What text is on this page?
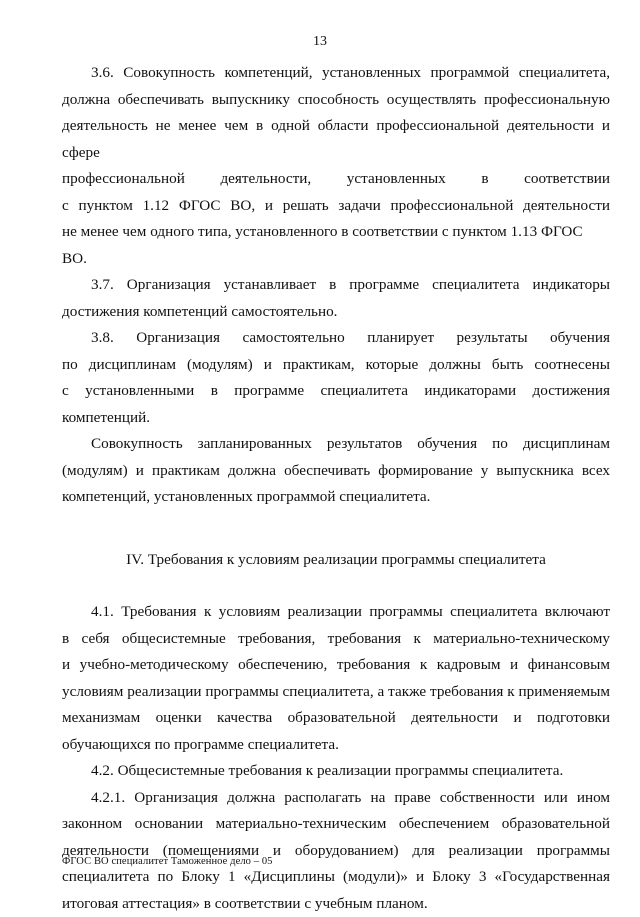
13
3.6. Совокупность компетенций, установленных программой специалитета,
должна обеспечивать выпускнику способность осуществлять профессиональную
деятельность не менее чем в одной области профессиональной деятельности и сфере
профессиональной деятельности, установленных в соответствии
с пунктом 1.12 ФГОС ВО, и решать задачи профессиональной деятельности
не менее чем одного типа, установленного в соответствии с пунктом 1.13 ФГОС ВО.
3.7. Организация устанавливает в программе специалитета индикаторы
достижения компетенций самостоятельно.
3.8. Организация самостоятельно планирует результаты обучения
по дисциплинам (модулям) и практикам, которые должны быть соотнесены
с установленными в программе специалитета индикаторами достижения
компетенций.
Совокупность запланированных результатов обучения по дисциплинам
(модулям) и практикам должна обеспечивать формирование у выпускника всех
компетенций, установленных программой специалитета.
IV. Требования к условиям реализации программы специалитета
4.1. Требования к условиям реализации программы специалитета включают
в себя общесистемные требования, требования к материально-техническому
и учебно-методическому обеспечению, требования к кадровым и финансовым
условиям реализации программы специалитета, а также требования к применяемым
механизмам оценки качества образовательной деятельности и подготовки
обучающихся по программе специалитета.
4.2. Общесистемные требования к реализации программы специалитета.
4.2.1. Организация должна располагать на праве собственности или ином
законном основании материально-техническим обеспечением образовательной
деятельности (помещениями и оборудованием) для реализации программы
специалитета по Блоку 1 «Дисциплины (модули)» и Блоку 3 «Государственная
итоговая аттестация» в соответствии с учебным планом.
ФГОС ВО специалитет Таможенное дело – 05
